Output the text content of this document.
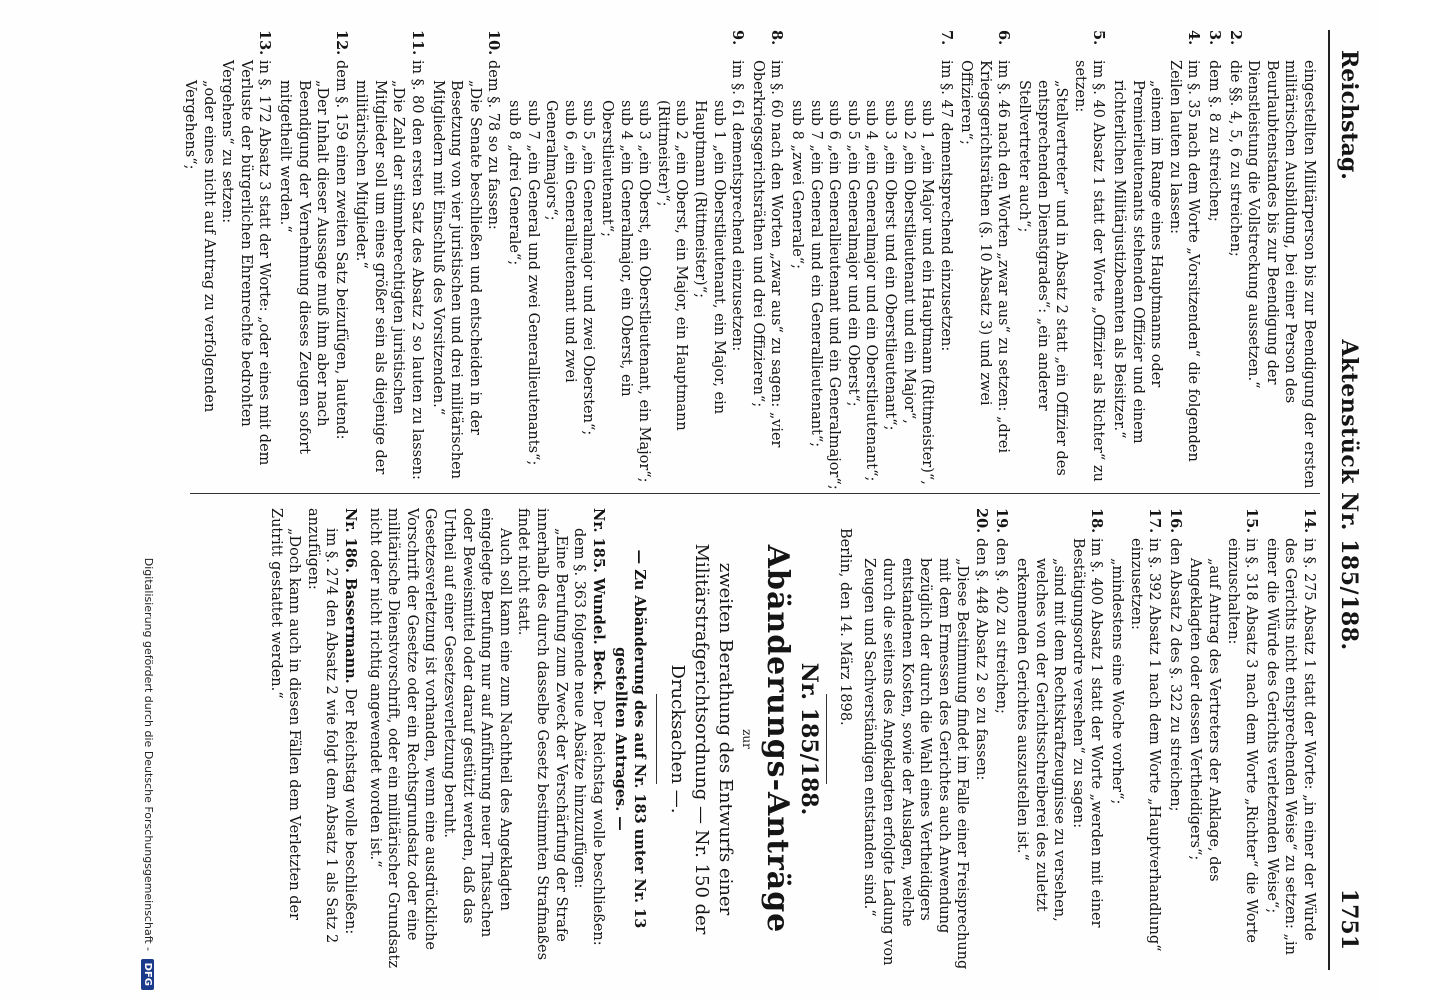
Reichstag.
Aktenstück Nr. 185/188.
1751

eingestellten Militärperson bis zur Beendigung der ersten militärischen Ausbildung, bei einer Person des Beurlaubtenstandes bis zur Beendigung der Dienstleistung die Vollstreckung aussetzen.“

2.

die §§. 4, 5, 6 zu streichen;

3.

dem §. 8 zu streichen;

4.

im §. 35 nach dem Worte „Vorsitzenden“ die folgenden Zeilen lauten zu lassen:

„einem im Range eines Hauptmanns oder Premierlieutenants stehenden Offizier und einem richterlichen Militärjustizbeamten als Beisitzer.“

5.

im §. 40 Absatz 1 statt der Worte „Offizier als Richter“ zu setzen:

„Stellvertreter“ und in Absatz 2 statt „ein Offizier des entsprechenden Dienstgrades“: „ein anderer Stellvertreter auch“;

6.

im §. 46 nach den Worten „zwar aus“ zu setzen: „drei Kriegsgerichtsräthen (§. 10 Absatz 3) und zwei Offizieren“;

7.

im §. 47 dementsprechend einzusetzen:

sub 1 „ein Major und ein Hauptmann (Rittmeister)“,

sub 2 „ein Oberstlieutenant und ein Major“,

sub 3 „ein Oberst und ein Oberstlieutenant“;

sub 4 „ein Generalmajor und ein Oberstlieutenant“;

sub 5 „ein Generalmajor und ein Oberst“;

sub 6 „ein Generallieutenant und ein Generalmajor“;

sub 7 „ein General und ein Generallieutenant“;

sub 8 „zwei Generale“;

8.

im §. 60 nach den Worten „zwar aus“ zu sagen: „vier Oberkriegsgerichtsräthen und drei Offizieren“;

9.

im §. 61 dementsprechend einzusetzen:

sub 1 „ein Oberstlieutenant, ein Major, ein Hauptmann (Rittmeister)“;

sub 2 „ein Oberst, ein Major, ein Hauptmann (Rittmeister)“;

sub 3 „ein Oberst, ein Oberstlieutenant, ein Major“;

sub 4 „ein Generalmajor, ein Oberst, ein Oberstlieutenant“;

sub 5 „ein Generalmajor und zwei Obersten“;

sub 6 „ein Generallieutenant und zwei Generalmajors“;

sub 7 „ein General und zwei Generallieutenants“;

sub 8 „drei Generale“;

10.

dem §. 78 so zu fassen:

„Die Senate beschließen und entscheiden in der Besetzung von vier juristischen und drei militärischen Mitgliedern mit Einschluß des Vorsitzenden.“

11.

in §. 80 den ersten Satz des Absatz 2 so lauten zu lassen:

„Die Zahl der stimmberechtigten juristischen Mitglieder soll um eines größer sein als diejenige der militärischen Mitglieder.“

12.

dem §. 159 einen zweiten Satz beizufügen, lautend:

„Der Inhalt dieser Aussage muß ihm aber nach Beendigung der Vernehmung dieses Zeugen sofort mitgetheilt werden.“

13.

in §. 172 Absatz 3 statt der Worte: „oder eines mit dem Verluste der bürgerlichen Ehrenrechte bedrohten Vergehens“ zu setzen:

„oder eines nicht auf Antrag zu verfolgenden Vergehens“;

14.

in §. 275 Absatz 1 statt der Worte: „in einer der Würde des Gerichts nicht entsprechenden Weise“ zu setzen: „in einer die Würde des Gerichts verletzenden Weise“;

15.

in §. 318 Absatz 3 nach dem Worte „Richter“ die Worte einzuschalten:

„auf Antrag des Vertreters der Anklage, des Angeklagten oder dessen Vertheidigers“;

16.

den Absatz 2 des §. 322 zu streichen;

17.

in §. 392 Absatz 1 nach dem Worte „Hauptverhandlung“ einzusetzen:

„mindestens eine Woche vorher“;

18.

im §. 400 Absatz 1 statt der Worte „werden mit einer Bestätigungsordre versehen“ zu sagen:

„sind mit dem Rechtskraftzeugnisse zu versehen, welches von der Gerichtsschreiberei des zuletzt erkennenden Gerichtes auszustellen ist.“

19.

den §. 402 zu streichen;

20.

den §. 448 Absatz 2 so zu fassen:

„Diese Bestimmung findet im Falle einer Freisprechung mit dem Ermessen des Gerichtes auch Anwendung bezüglich der durch die Wahl eines Vertheidigers entstandenen Kosten, sowie der Auslagen, welche durch die seitens des Angeklagten erfolgte Ladung von Zeugen und Sachverständigen entstanden sind.“

Berlin, den 14. März 1898.

Nr. 185/188.

Abänderungs-Anträge

zur

zweiten Berathung des Entwurfs einer Militärstrafgerichtsordnung — Nr. 150 der Drucksachen —.

— Zu Abänderung des auf Nr. 183 unter Nr. 13 gestellten Antrages. —

Nr. 185. Wundel. Beck. Der Reichstag wolle beschließen:

dem §. 363 folgende neue Absätze hinzuzufügen:

„Eine Berufung zum Zweck der Verschärfung der Strafe innerhalb des durch dasselbe Gesetz bestimmten Strafmaßes findet nicht statt.

Auch soll kann eine zum Nachtheil des Angeklagten eingelegte Berufung nur auf Anführung neuer Thatsachen oder Beweismittel oder darauf gestützt werden, daß das Urtheil auf einer Gesetzesverletzung beruht. Gesetzesverletzung ist vorhanden, wenn eine ausdrückliche Vorschrift der Gesetze oder ein Rechtsgrundsatz oder eine militärische Dienstvorschrift, oder ein militärischer Grundsatz nicht oder nicht richtig angewendet worden ist.“

Nr. 186. Bassermann. Der Reichstag wolle beschließen:

im §. 274 den Absatz 2 wie folgt dem Absatz 1 als Satz 2 anzufügen:

„Doch kann auch in diesen Fällen dem Verletzten der Zutritt gestattet werden.“

Digitalisierung gefördert durch die Deutsche Forschungsgemeinschaft - DFG
